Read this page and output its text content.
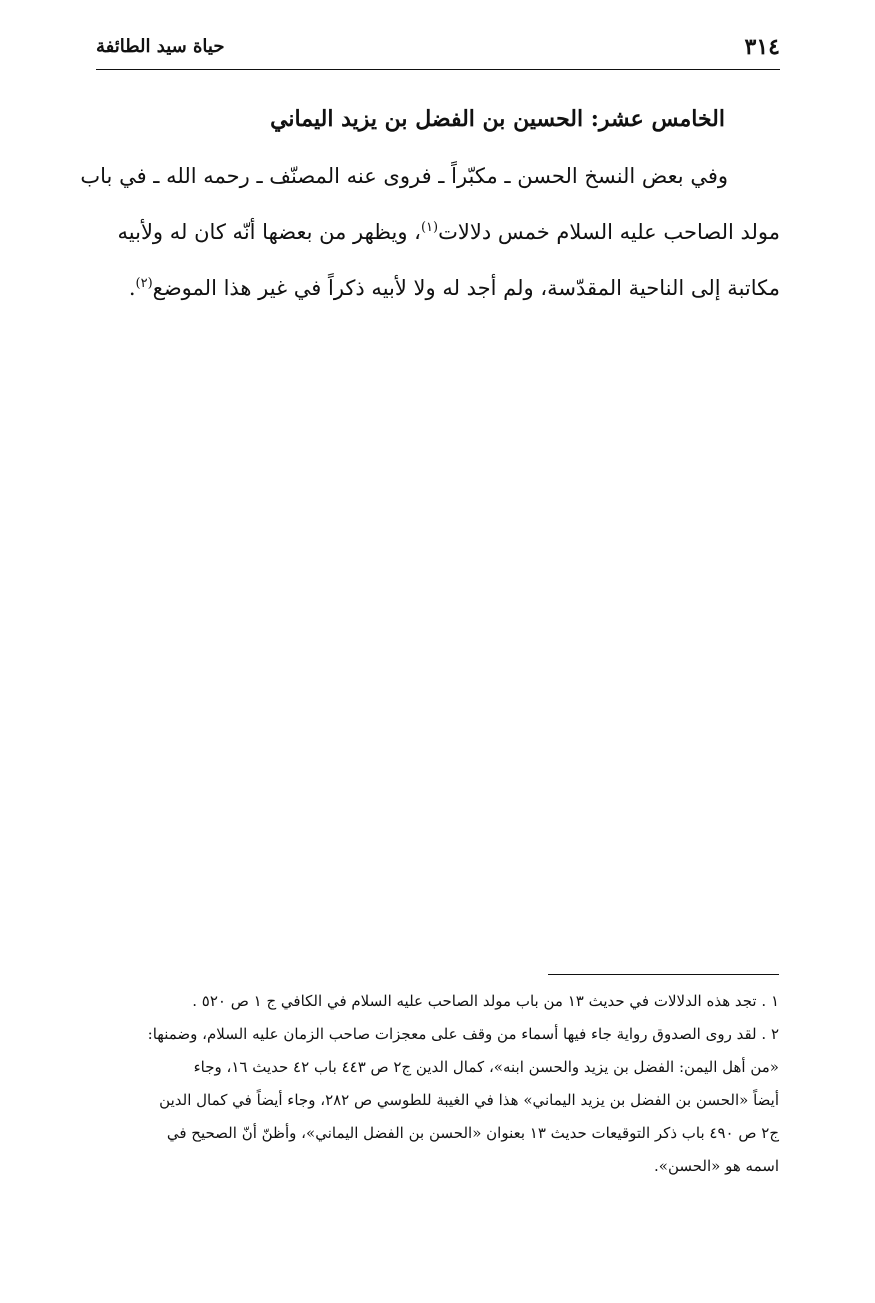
٣١٤
حياة سيد الطائفة
الخامس عشر: الحسين بن الفضل بن يزيد اليماني

وفي بعض النسخ الحسن ـ مكبّراً ـ فروى عنه المصنّف ـ رحمه الله ـ في باب
مولد الصاحب عليه السلام خمس دلالات$^{(١)}$، ويظهر من بعضها أنّه كان له ولأبيه
مكاتبة إلى الناحية المقدّسة، ولم أجد له ولا لأبيه ذكراً في غير هذا الموضع$^{(٢)}$.

١ . تجد هذه الدلالات في حديث ١٣ من باب مولد الصاحب عليه السلام في الكافي ج ١ ص ٥٢٠ .

٢ . لقد روى الصدوق رواية جاء فيها أسماء من وقف على معجزات صاحب الزمان عليه السلام، وضمنها:
«من أهل اليمن: الفضل بن يزيد والحسن ابنه»، كمال الدين ج٢ ص ٤٤٣ باب ٤٢ حديث ١٦، وجاء
أيضاً «الحسن بن الفضل بن يزيد اليماني» هذا في الغيبة للطوسي ص ٢٨٢، وجاء أيضاً في كمال الدين
ج٢ ص ٤٩٠ باب ذكر التوقيعات حديث ١٣ بعنوان «الحسن بن الفضل اليماني»، وأظنّ أنّ الصحيح في
اسمه هو «الحسن».
